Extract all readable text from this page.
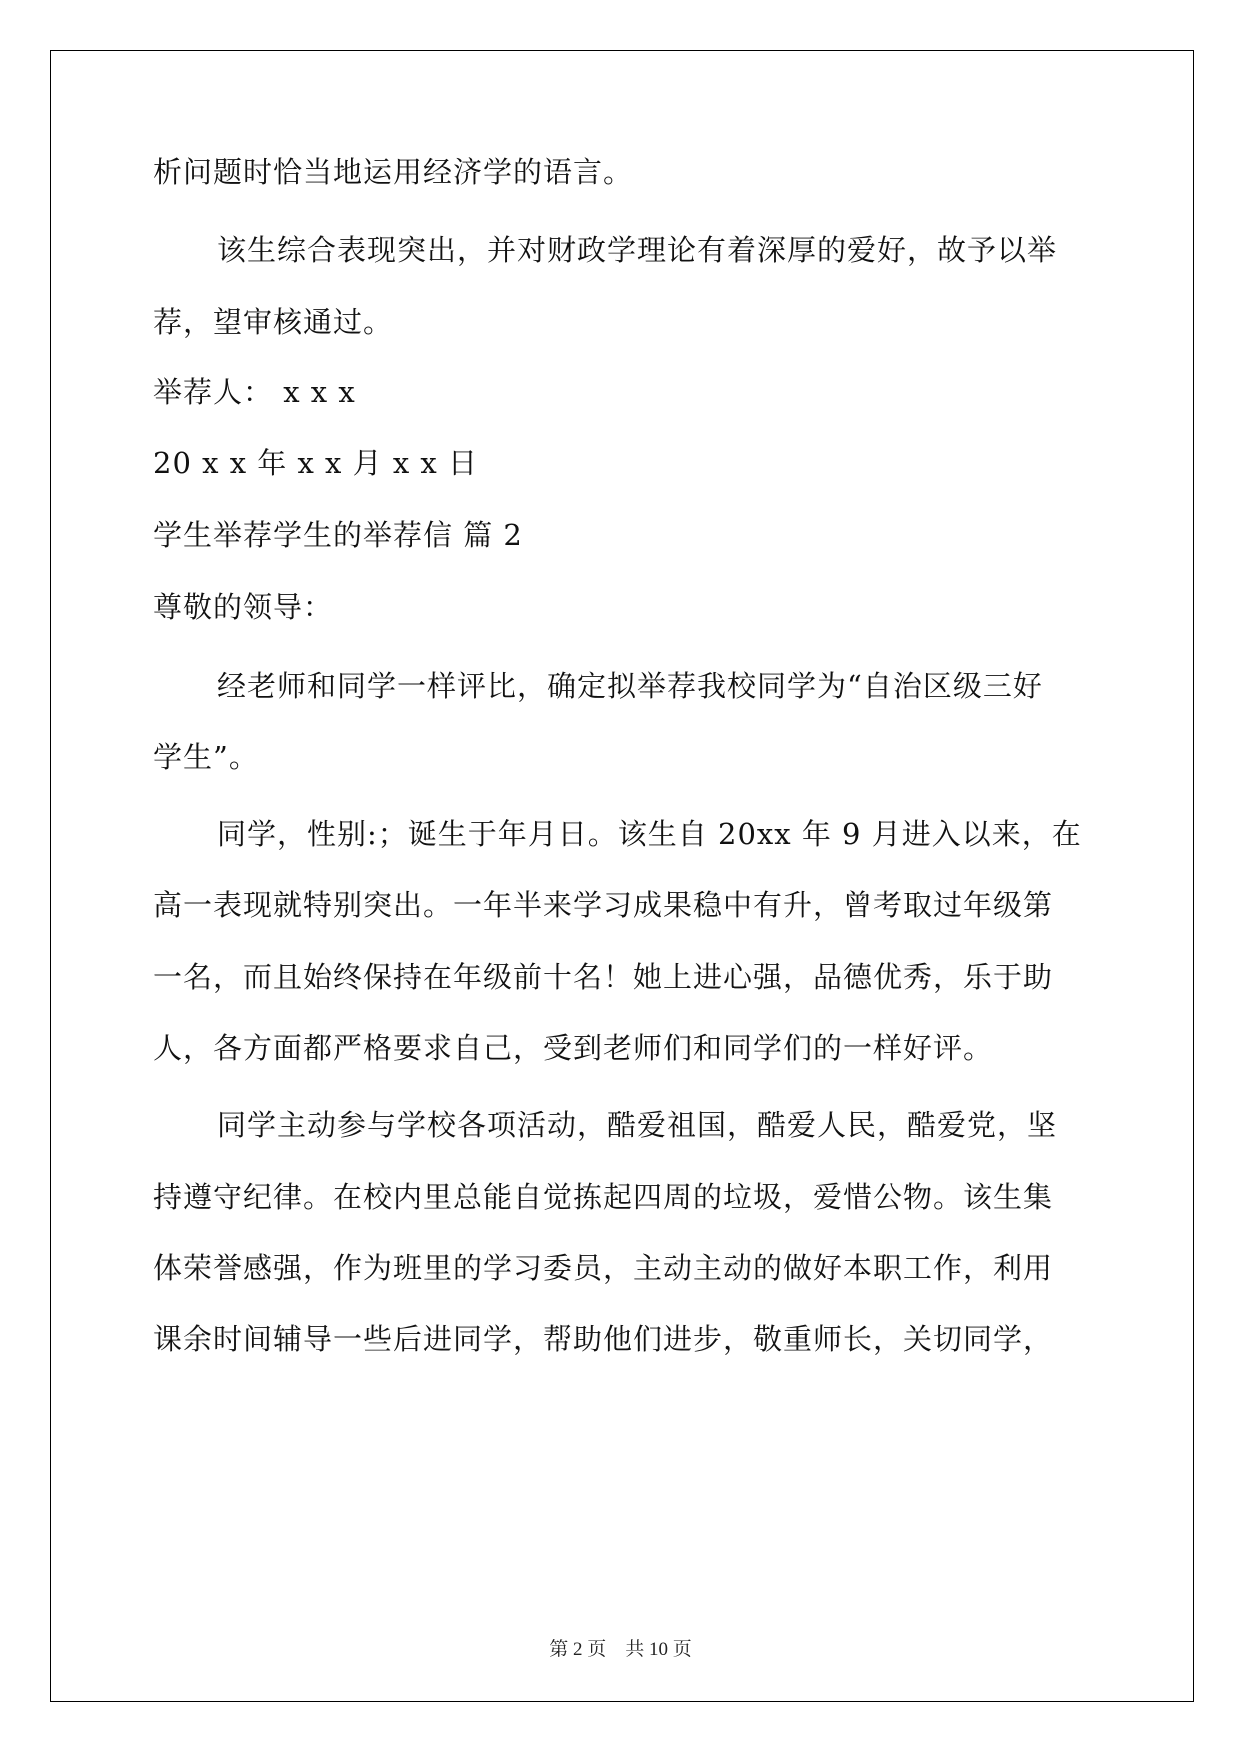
析问题时恰当地运用经济学的语言。
该生综合表现突出，并对财政学理论有着深厚的爱好，故予以举
荐，望审核通过。
举荐人： x x x
20 x x 年 x x 月 x x 日
学生举荐学生的举荐信 篇 2
尊敬的领导：
经老师和同学一样评比，确定拟举荐我校同学为“自治区级三好
学生”。
同学，性别:；诞生于年月日。该生自 20xx 年 9 月进入以来，在
高一表现就特别突出。一年半来学习成果稳中有升，曾考取过年级第
一名，而且始终保持在年级前十名！她上进心强，品德优秀，乐于助
人，各方面都严格要求自己，受到老师们和同学们的一样好评。
同学主动参与学校各项活动，酷爱祖国，酷爱人民，酷爱党，坚
持遵守纪律。在校内里总能自觉拣起四周的垃圾，爱惜公物。该生集
体荣誉感强，作为班里的学习委员，主动主动的做好本职工作，利用
课余时间辅导一些后进同学，帮助他们进步，敬重师长，关切同学，
第 2 页 共 10 页
